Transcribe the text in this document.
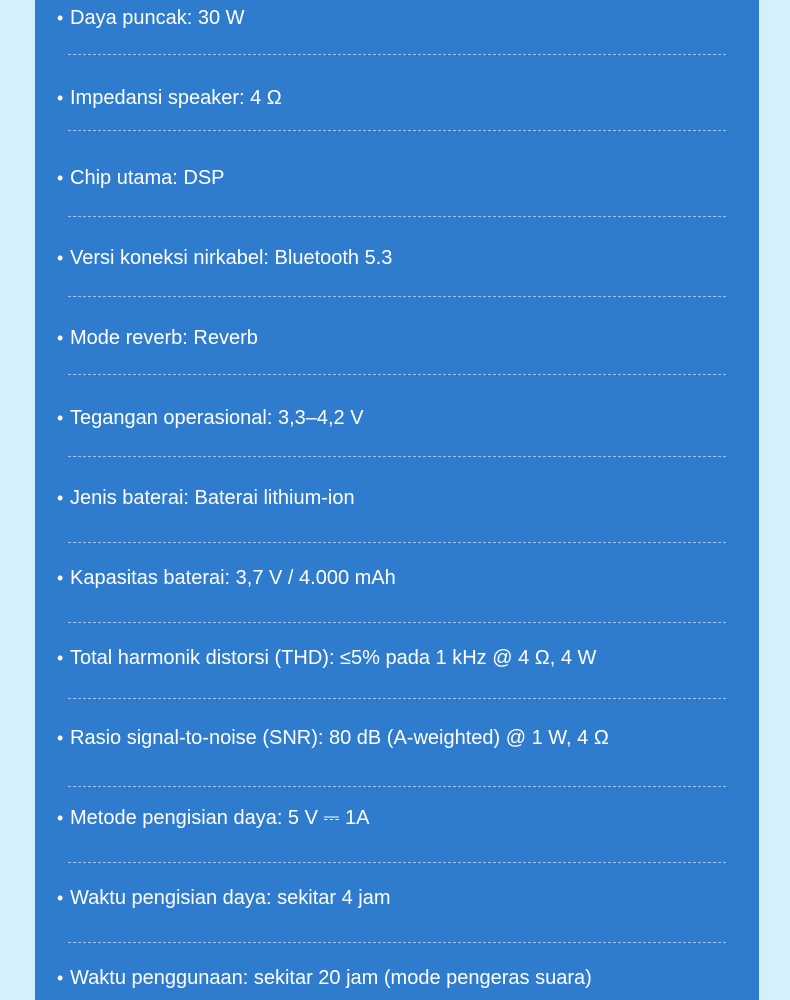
• Daya puncak: 30 W
• Impedansi speaker: 4 Ω
• Chip utama: DSP
• Versi koneksi nirkabel: Bluetooth 5.3
• Mode reverb: Reverb
• Tegangan operasional: 3,3–4,2 V
• Jenis baterai: Baterai lithium-ion
• Kapasitas baterai: 3,7 V / 4.000 mAh
• Total harmonik distorsi (THD): ≤5% pada 1 kHz @ 4 Ω, 4 W
• Rasio signal-to-noise (SNR): 80 dB (A-weighted) @ 1 W, 4 Ω
• Metode pengisian daya: 5 V ⎓ 1A
• Waktu pengisian daya: sekitar 4 jam
• Waktu penggunaan: sekitar 20 jam (mode pengeras suara)
